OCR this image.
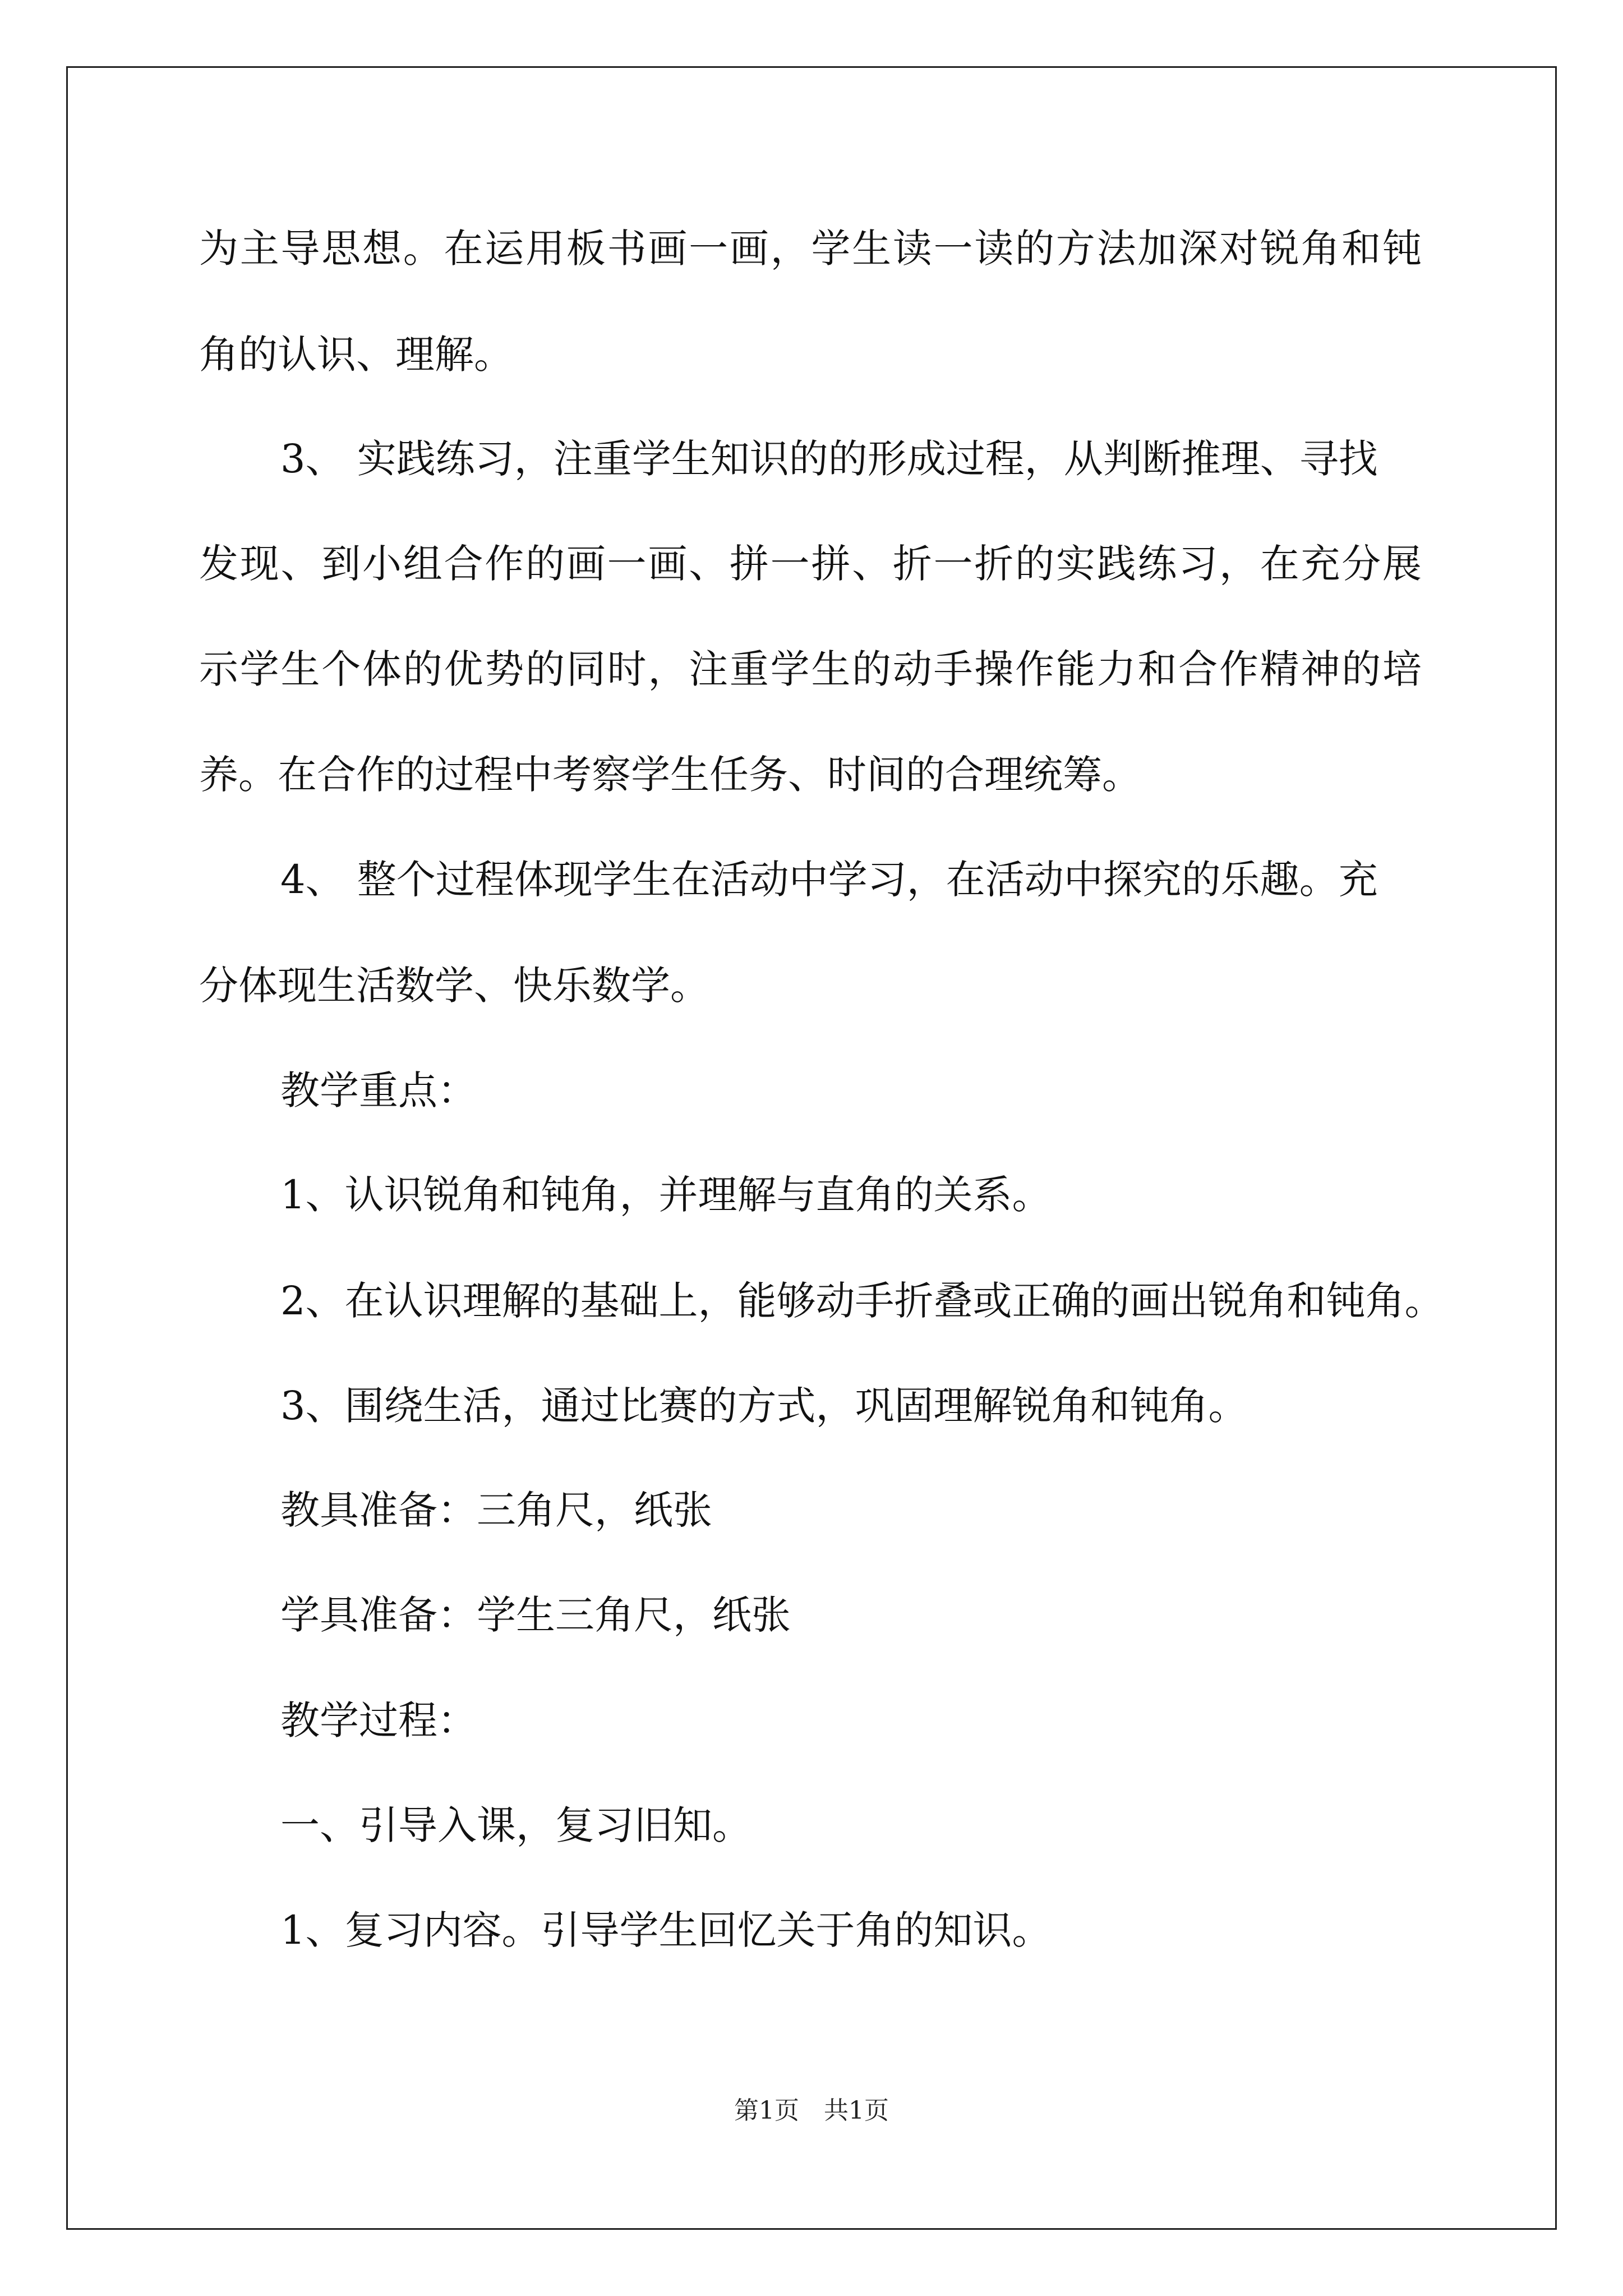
为主导思想。在运用板书画一画，学生读一读的方法加深对锐角和钝

角的认识、理解。

3、 实践练习，注重学生知识的的形成过程，从判断推理、寻找

发现、到小组合作的画一画、拼一拼、折一折的实践练习，在充分展

示学生个体的优势的同时，注重学生的动手操作能力和合作精神的培

养。在合作的过程中考察学生任务、时间的合理统筹。

4、 整个过程体现学生在活动中学习，在活动中探究的乐趣。充

分体现生活数学、快乐数学。

教学重点：

1、认识锐角和钝角，并理解与直角的关系。

2、在认识理解的基础上，能够动手折叠或正确的画出锐角和钝角。

3、围绕生活，通过比赛的方式，巩固理解锐角和钝角。

教具准备：三角尺，纸张

学具准备：学生三角尺，纸张

教学过程：

一、引导入课，复习旧知。

1、复习内容。引导学生回忆关于角的知识。

第1页　共1页
